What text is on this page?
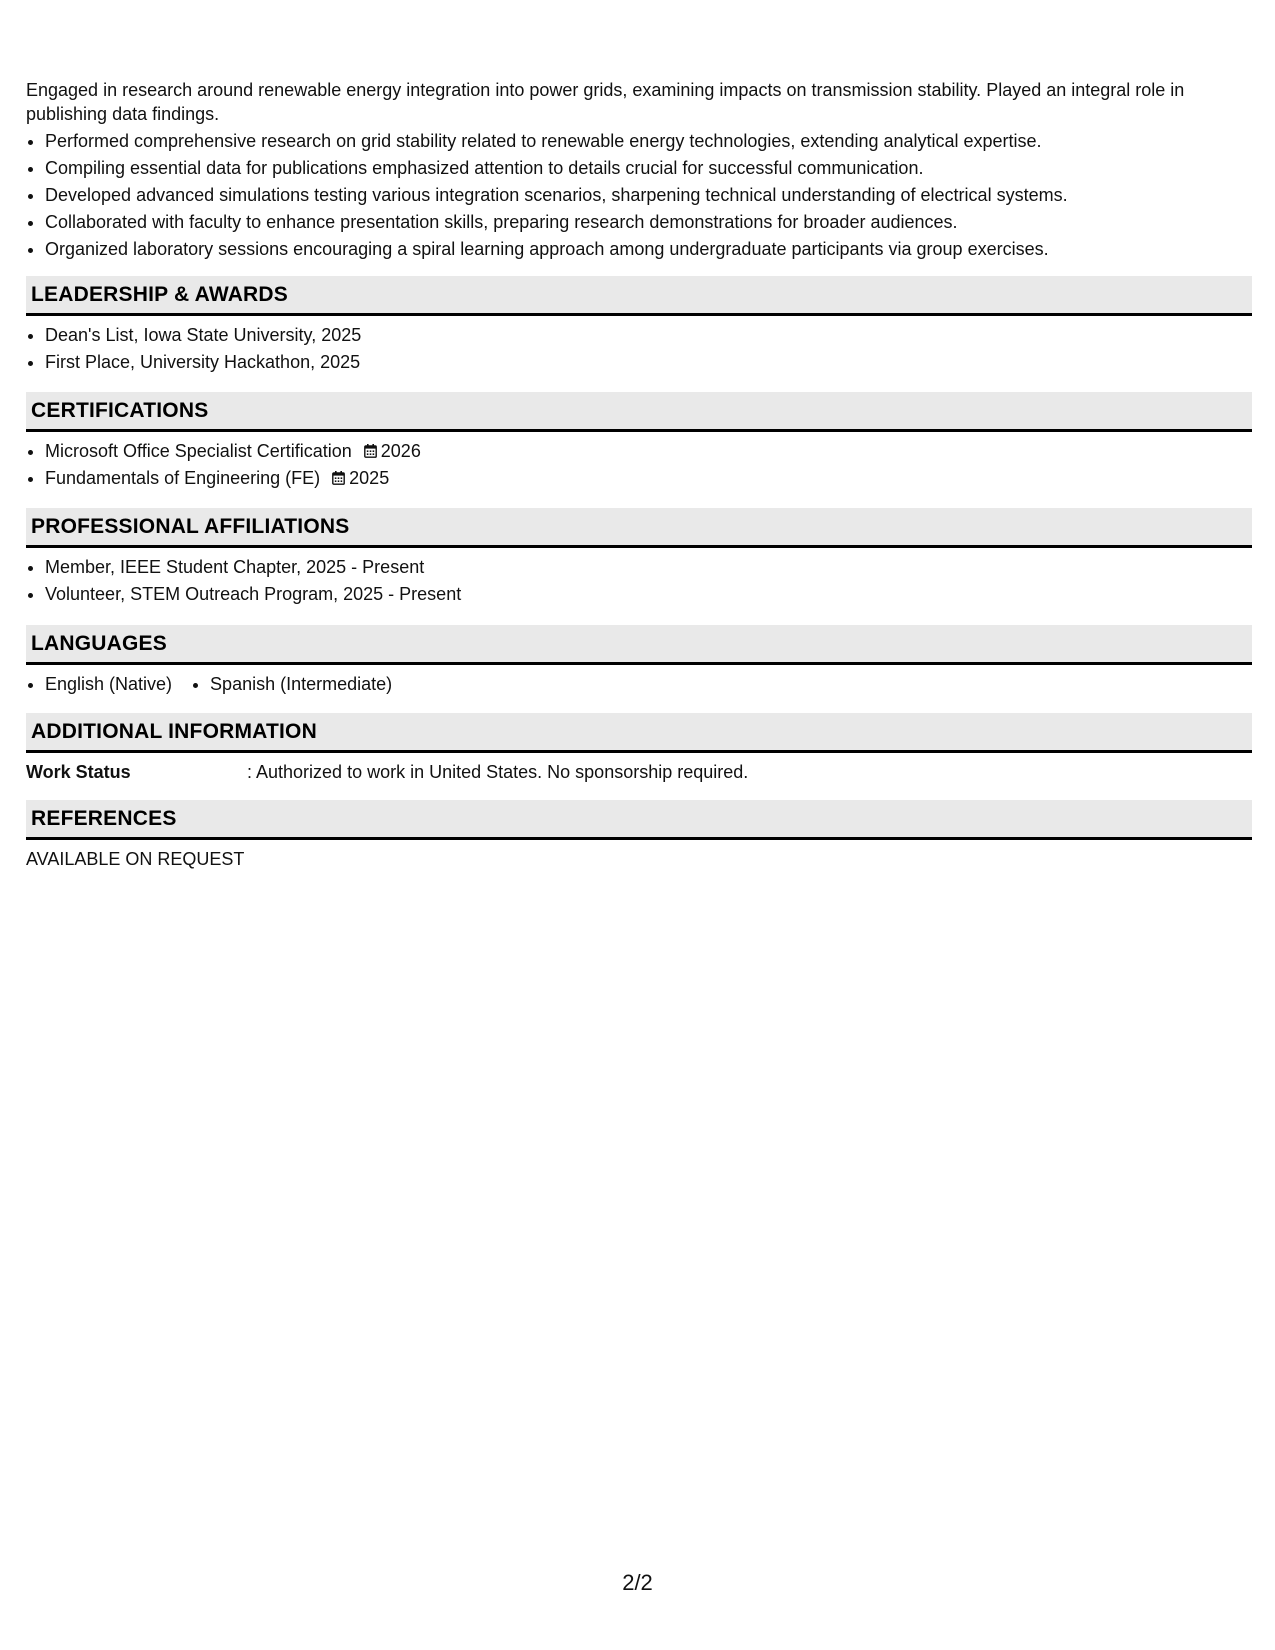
Engaged in research around renewable energy integration into power grids, examining impacts on transmission stability. Played an integral role in publishing data findings.

• Performed comprehensive research on grid stability related to renewable energy technologies, extending analytical expertise.
• Compiling essential data for publications emphasized attention to details crucial for successful communication.
• Developed advanced simulations testing various integration scenarios, sharpening technical understanding of electrical systems.
• Collaborated with faculty to enhance presentation skills, preparing research demonstrations for broader audiences.
• Organized laboratory sessions encouraging a spiral learning approach among undergraduate participants via group exercises.
LEADERSHIP & AWARDS
• Dean's List, Iowa State University, 2025
• First Place, University Hackathon, 2025
CERTIFICATIONS
• Microsoft Office Specialist Certification 2026
• Fundamentals of Engineering (FE) 2025
PROFESSIONAL AFFILIATIONS
• Member, IEEE Student Chapter, 2025 - Present
• Volunteer, STEM Outreach Program, 2025 - Present
LANGUAGES
• English (Native)
• Spanish (Intermediate)
ADDITIONAL INFORMATION
Work Status	: Authorized to work in United States. No sponsorship required.
REFERENCES
AVAILABLE ON REQUEST
2/2
